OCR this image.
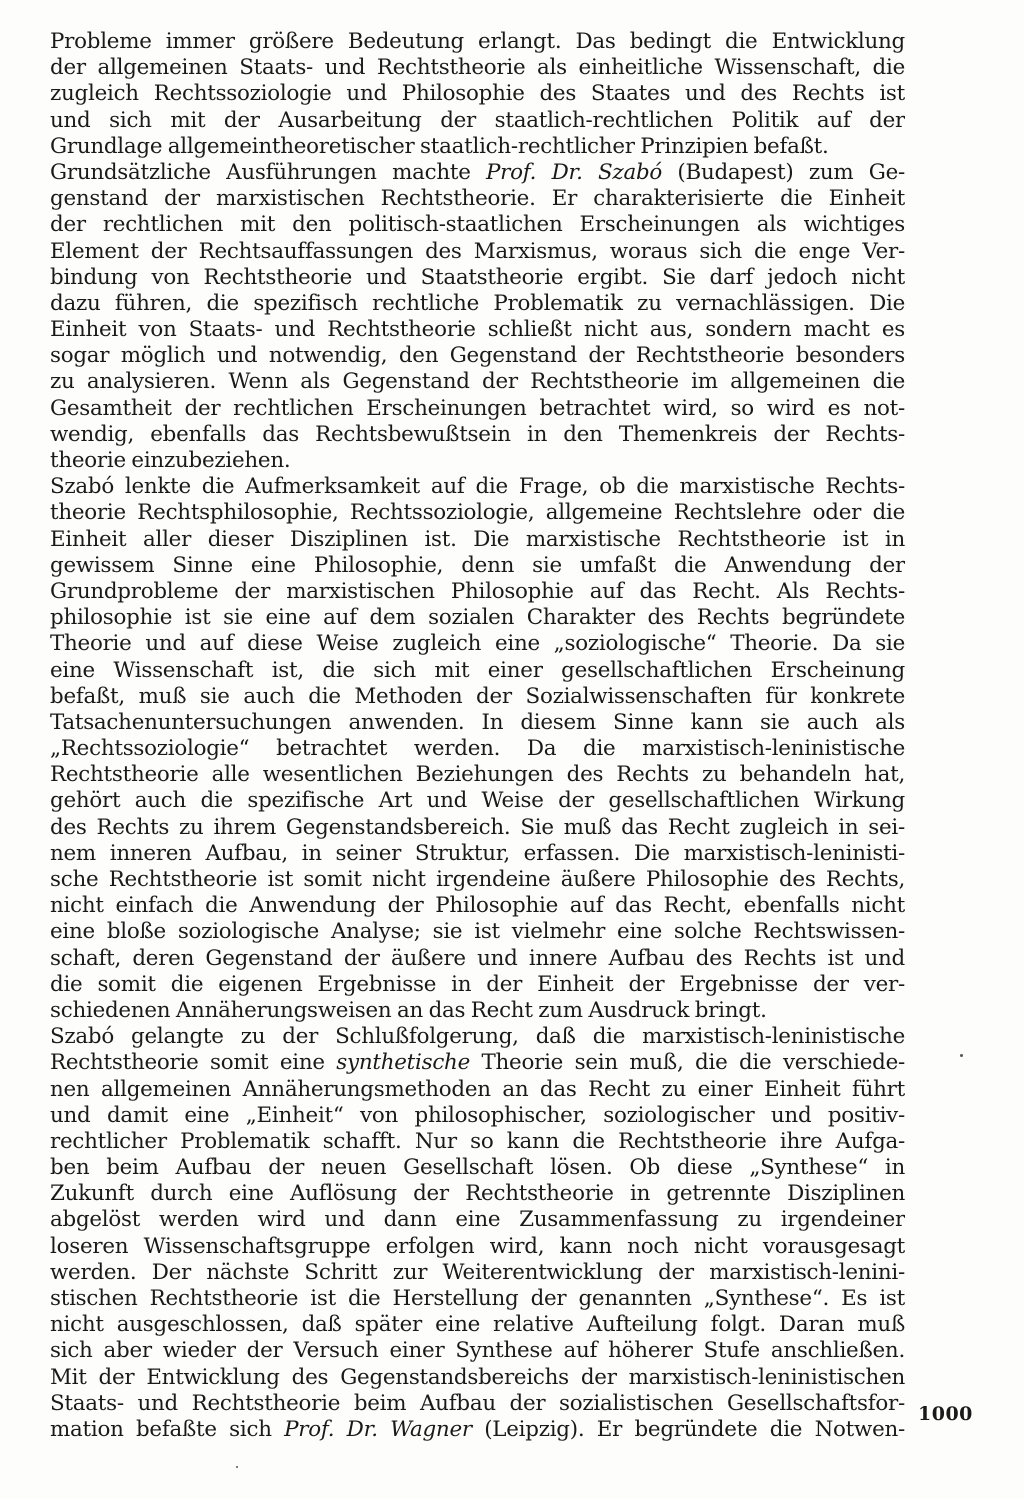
Probleme immer größere Bedeutung erlangt. Das bedingt die Entwicklung
der allgemeinen Staats- und Rechtstheorie als einheitliche Wissenschaft, die
zugleich Rechtssoziologie und Philosophie des Staates und des Rechts ist
und sich mit der Ausarbeitung der staatlich-rechtlichen Politik auf der
Grundlage allgemeintheoretischer staatlich-rechtlicher Prinzipien befaßt.
Grundsätzliche Ausführungen machte Prof. Dr. Szabó (Budapest) zum Ge-
genstand der marxistischen Rechtstheorie. Er charakterisierte die Einheit
der rechtlichen mit den politisch-staatlichen Erscheinungen als wichtiges
Element der Rechtsauffassungen des Marxismus, woraus sich die enge Ver-
bindung von Rechtstheorie und Staatstheorie ergibt. Sie darf jedoch nicht
dazu führen, die spezifisch rechtliche Problematik zu vernachlässigen. Die
Einheit von Staats- und Rechtstheorie schließt nicht aus, sondern macht es
sogar möglich und notwendig, den Gegenstand der Rechtstheorie besonders
zu analysieren. Wenn als Gegenstand der Rechtstheorie im allgemeinen die
Gesamtheit der rechtlichen Erscheinungen betrachtet wird, so wird es not-
wendig, ebenfalls das Rechtsbewußtsein in den Themenkreis der Rechts-
theorie einzubeziehen.
Szabó lenkte die Aufmerksamkeit auf die Frage, ob die marxistische Rechts-
theorie Rechtsphilosophie, Rechtssoziologie, allgemeine Rechtslehre oder die
Einheit aller dieser Disziplinen ist. Die marxistische Rechtstheorie ist in
gewissem Sinne eine Philosophie, denn sie umfaßt die Anwendung der
Grundprobleme der marxistischen Philosophie auf das Recht. Als Rechts-
philosophie ist sie eine auf dem sozialen Charakter des Rechts begründete
Theorie und auf diese Weise zugleich eine „soziologische“ Theorie. Da sie
eine Wissenschaft ist, die sich mit einer gesellschaftlichen Erscheinung
befaßt, muß sie auch die Methoden der Sozialwissenschaften für konkrete
Tatsachenuntersuchungen anwenden. In diesem Sinne kann sie auch als
„Rechtssoziologie“ betrachtet werden. Da die marxistisch-leninistische
Rechtstheorie alle wesentlichen Beziehungen des Rechts zu behandeln hat,
gehört auch die spezifische Art und Weise der gesellschaftlichen Wirkung
des Rechts zu ihrem Gegenstandsbereich. Sie muß das Recht zugleich in sei-
nem inneren Aufbau, in seiner Struktur, erfassen. Die marxistisch-leninisti-
sche Rechtstheorie ist somit nicht irgendeine äußere Philosophie des Rechts,
nicht einfach die Anwendung der Philosophie auf das Recht, ebenfalls nicht
eine bloße soziologische Analyse; sie ist vielmehr eine solche Rechtswissen-
schaft, deren Gegenstand der äußere und innere Aufbau des Rechts ist und
die somit die eigenen Ergebnisse in der Einheit der Ergebnisse der ver-
schiedenen Annäherungsweisen an das Recht zum Ausdruck bringt.
Szabó gelangte zu der Schlußfolgerung, daß die marxistisch-leninistische
Rechtstheorie somit eine synthetische Theorie sein muß, die die verschiede-
nen allgemeinen Annäherungsmethoden an das Recht zu einer Einheit führt
und damit eine „Einheit“ von philosophischer, soziologischer und positiv-
rechtlicher Problematik schafft. Nur so kann die Rechtstheorie ihre Aufga-
ben beim Aufbau der neuen Gesellschaft lösen. Ob diese „Synthese“ in
Zukunft durch eine Auflösung der Rechtstheorie in getrennte Disziplinen
abgelöst werden wird und dann eine Zusammenfassung zu irgendeiner
loseren Wissenschaftsgruppe erfolgen wird, kann noch nicht vorausgesagt
werden. Der nächste Schritt zur Weiterentwicklung der marxistisch-lenini-
stischen Rechtstheorie ist die Herstellung der genannten „Synthese“. Es ist
nicht ausgeschlossen, daß später eine relative Aufteilung folgt. Daran muß
sich aber wieder der Versuch einer Synthese auf höherer Stufe anschließen.
Mit der Entwicklung des Gegenstandsbereichs der marxistisch-leninistischen
Staats- und Rechtstheorie beim Aufbau der sozialistischen Gesellschaftsfor-
mation befaßte sich Prof. Dr. Wagner (Leipzig). Er begründete die Notwen-
1000
